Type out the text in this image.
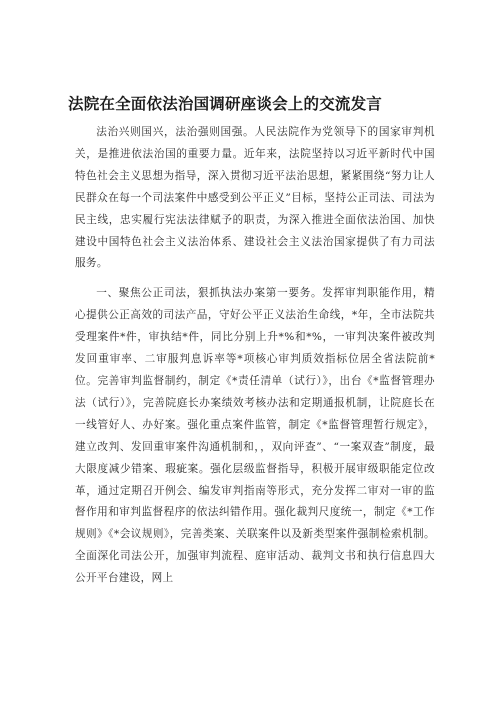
法院在全面依法治国调研座谈会上的交流发言

法治兴则国兴，法治强则国强。人民法院作为党领导下的国家审判机关，是推进依法治国的重要力量。近年来，法院坚持以习近平新时代中国特色社会主义思想为指导，深入贯彻习近平法治思想，紧紧围绕“努力让人民群众在每一个司法案件中感受到公平正义”目标，坚持公正司法、司法为民主线，忠实履行宪法法律赋予的职责，为深入推进全面依法治国、加快建设中国特色社会主义法治体系、建设社会主义法治国家提供了有力司法服务。

一、聚焦公正司法，狠抓执法办案第一要务。发挥审判职能作用，精心提供公正高效的司法产品，守好公平正义法治生命线，*年，全市法院共受理案件*件，审执结*件，同比分别上升*%和*%，一审判决案件被改判发回重审率、二审服判息诉率等*项核心审判质效指标位居全省法院前*位。完善审判监督制约，制定《*责任清单（试行）》，出台《*监督管理办法（试行）》，完善院庭长办案绩效考核办法和定期通报机制，让院庭长在一线管好人、办好案。强化重点案件监管，制定《*监督管理暂行规定》，建立改判、发回重审案件沟通机制和，，双向评查”、“一案双查”制度，最大限度减少错案、瑕疵案。强化层级监督指导，积极开展审级职能定位改革，通过定期召开例会、编发审判指南等形式，充分发挥二审对一审的监督作用和审判监督程序的依法纠错作用。强化裁判尺度统一，制定《*工作规则》《*会议规则》，完善类案、关联案件以及新类型案件强制检索机制。全面深化司法公开，加强审判流程、庭审活动、裁判文书和执行信息四大公开平台建设，网上
